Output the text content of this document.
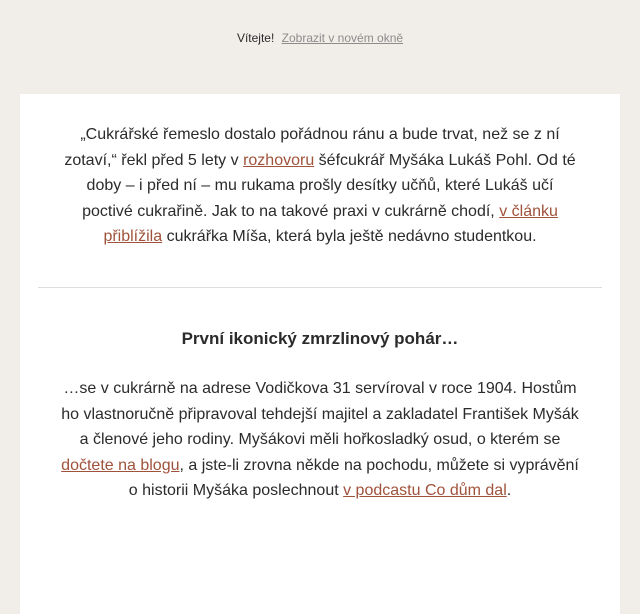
Vítejte! Zobrazit v novém okně

„Cukrářské řemeslo dostalo pořádnou ránu a bude trvat, než se z ní zotaví,“ řekl před 5 lety v rozhovoru šéfcukrář Myšáka Lukáš Pohl. Od té doby – i před ní – mu rukama prošly desítky učňů, které Lukáš učí poctivé cukrařině. Jak to na takové praxi v cukrárně chodí, v článku přiblížila cukrářka Míša, která byla ještě nedávno studentkou.

První ikonický zmrzlinový pohár…

…se v cukrárně na adrese Vodičkova 31 servíroval v roce 1904. Hostům ho vlastnoručně připravoval tehdejší majitel a zakladatel František Myšák a členové jeho rodiny. Myšákovi měli hořkosladký osud, o kterém se dočtete na blogu, a jste-li zrovna někde na pochodu, můžete si vyprávění o historii Myšáka poslechnout v podcastu Co dům dal.
